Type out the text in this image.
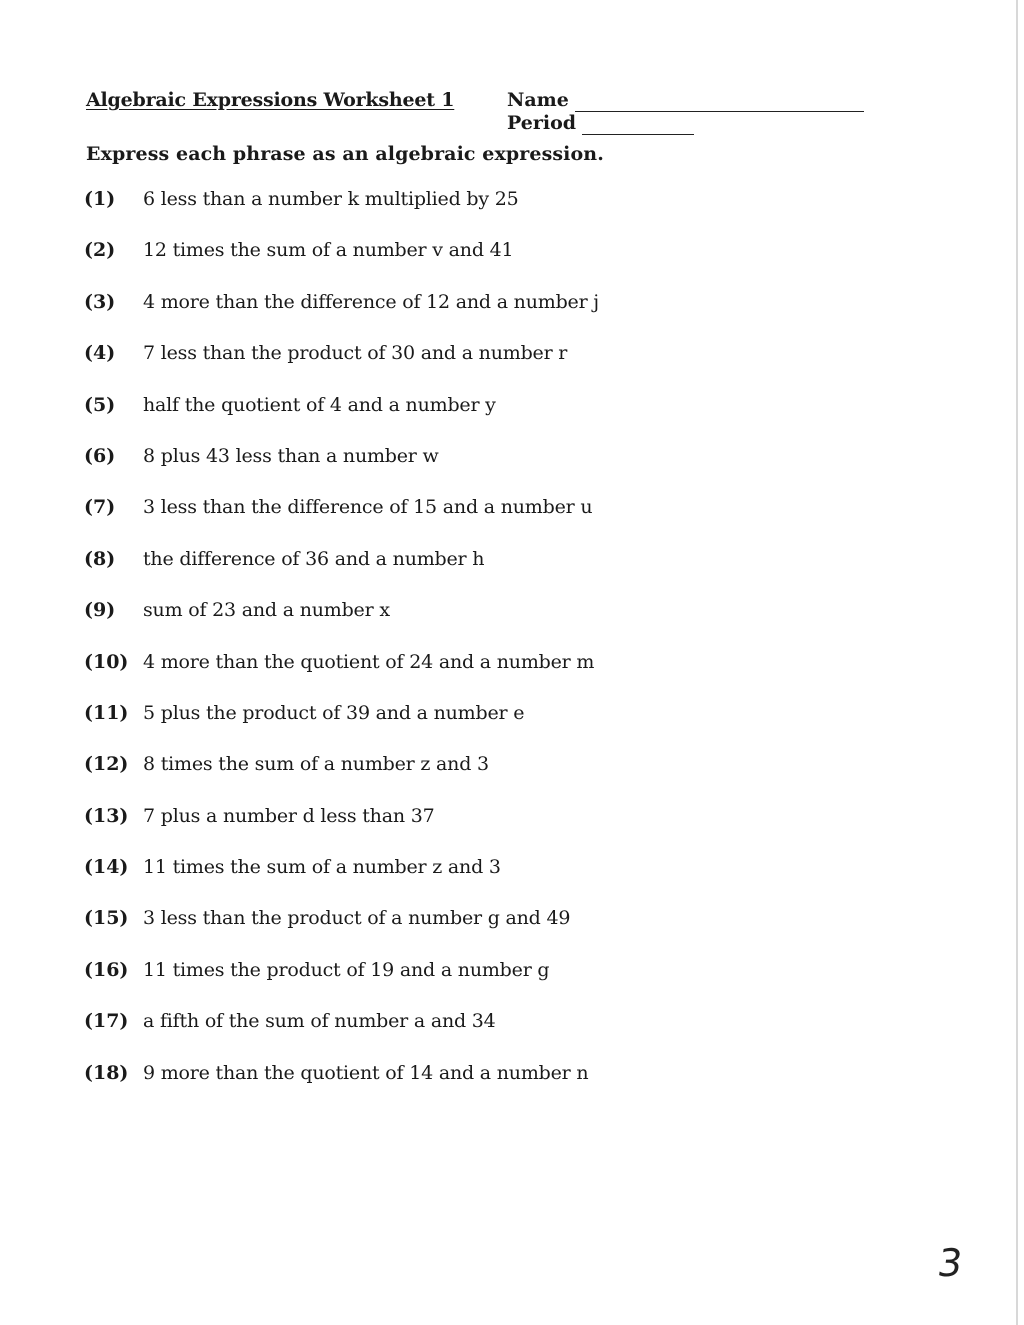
Algebraic Expressions Worksheet 1	Name
Period
Express each phrase as an algebraic expression.
(1)	6 less than a number k multiplied by 25
(2)	12 times the sum of a number v and 41
(3)	4 more than the difference of 12 and a number j
(4)	7 less than the product of 30 and a number r
(5)	half the quotient of 4 and a number y
(6)	8 plus 43 less than a number w
(7)	3 less than the difference of 15 and a number u
(8)	the difference of 36 and a number h
(9)	sum of 23 and a number x
(10) 4 more than the quotient of 24 and a number m
(11) 5 plus the product of 39 and a number e
(12) 8 times the sum of a number z and 3
(13) 7 plus a number d less than 37
(14) 11 times the sum of a number z and 3
(15) 3 less than the product of a number g and 49
(16) 11 times the product of 19 and a number g
(17) a fifth of the sum of number a and 34
(18) 9 more than the quotient of 14 and a number n
3
